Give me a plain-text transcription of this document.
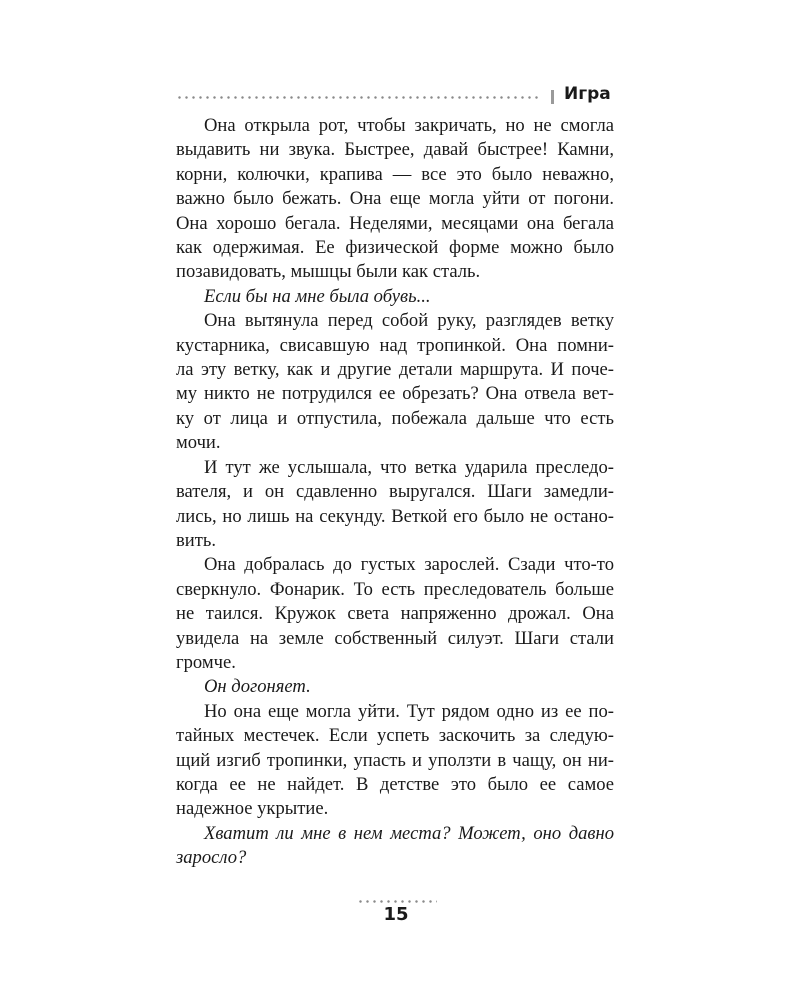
Игра
Она открыла рот, чтобы закричать, но не смогла
выдавить ни звука. Быстрее, давай быстрее! Камни,
корни, колючки, крапива — все это было неважно,
важно было бежать. Она еще могла уйти от погони.
Она хорошо бегала. Неделями, месяцами она бегала
как одержимая. Ее физической форме можно было
позавидовать, мышцы были как сталь.
Если бы на мне была обувь...
Она вытянула перед собой руку, разглядев ветку
кустарника, свисавшую над тропинкой. Она помни-
ла эту ветку, как и другие детали маршрута. И поче-
му никто не потрудился ее обрезать? Она отвела вет-
ку от лица и отпустила, побежала дальше что есть
мочи.
И тут же услышала, что ветка ударила преследо-
вателя, и он сдавленно выругался. Шаги замедли-
лись, но лишь на секунду. Веткой его было не остано-
вить.
Она добралась до густых зарослей. Сзади что-то
сверкнуло. Фонарик. То есть преследователь больше
не таился. Кружок света напряженно дрожал. Она
увидела на земле собственный силуэт. Шаги стали
громче.
Он догоняет.
Но она еще могла уйти. Тут рядом одно из ее по-
тайных местечек. Если успеть заскочить за следую-
щий изгиб тропинки, упасть и уползти в чащу, он ни-
когда ее не найдет. В детстве это было ее самое
надежное укрытие.
Хватит ли мне в нем места? Может, оно давно
заросло?
15
